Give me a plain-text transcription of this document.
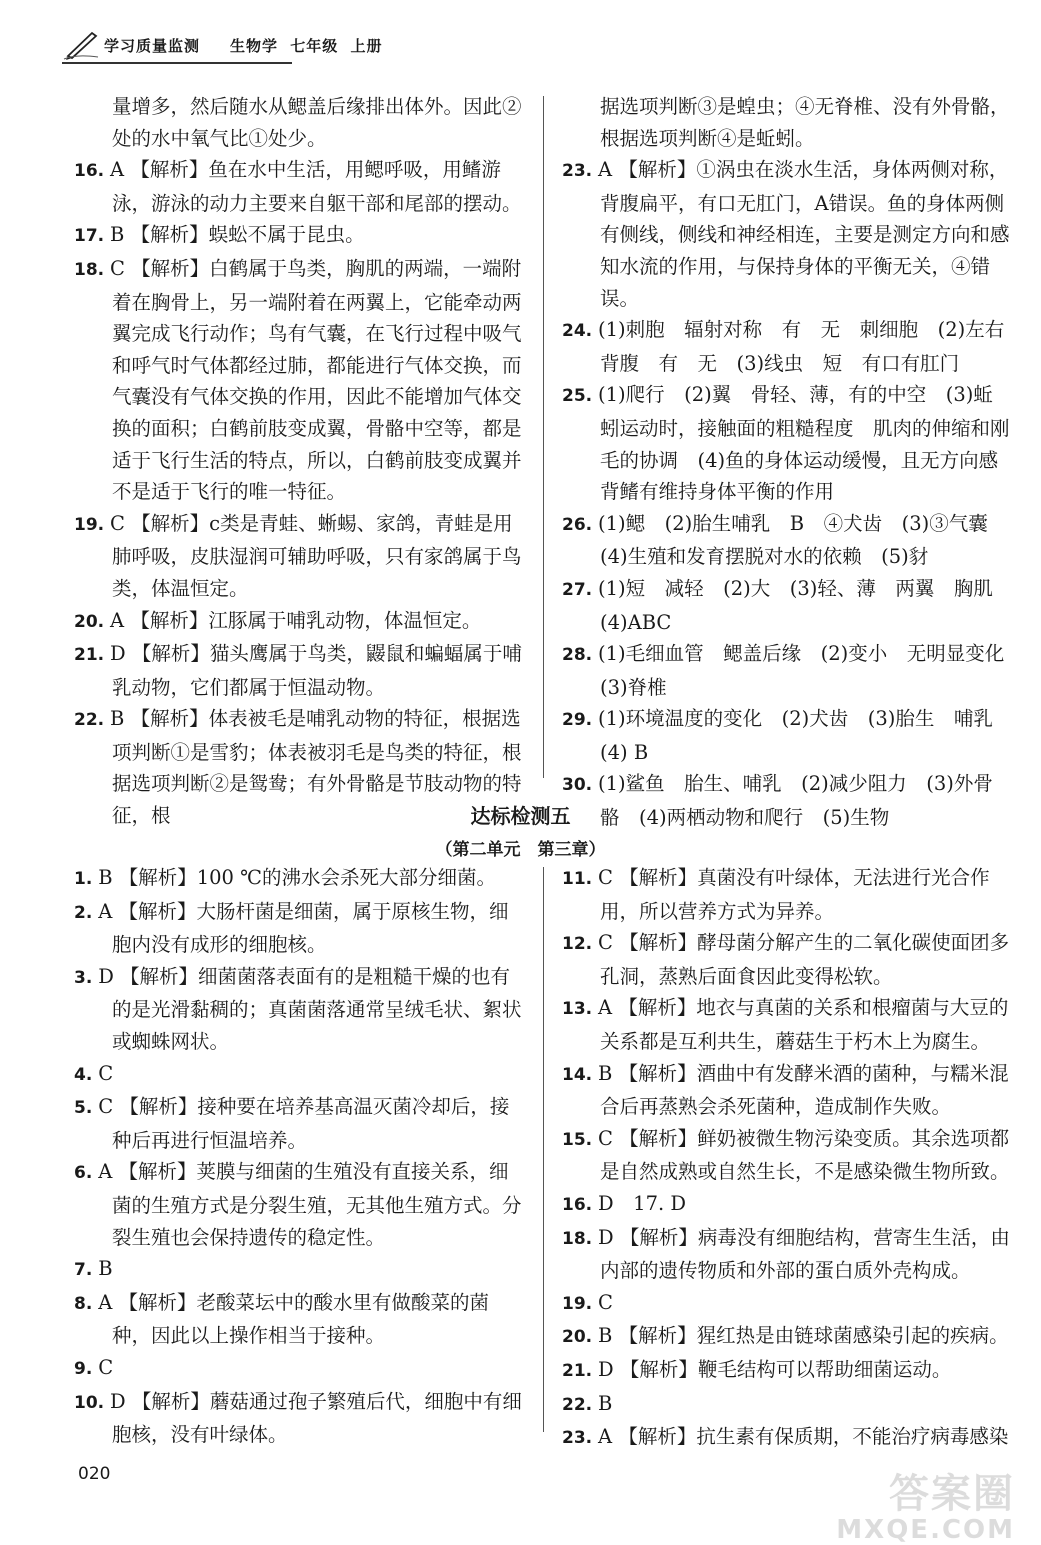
学习质量监测 生物学 七年级 上册

量增多，然后随水从鳃盖后缘排出体外。因此②处的水中氧气比①处少。

16. A 【解析】鱼在水中生活，用鳃呼吸，用鳍游泳，游泳的动力主要来自躯干部和尾部的摆动。

17. B 【解析】蜈蚣不属于昆虫。

18. C 【解析】白鹤属于鸟类，胸肌的两端，一端附着在胸骨上，另一端附着在两翼上，它能牵动两翼完成飞行动作；鸟有气囊，在飞行过程中吸气和呼气时气体都经过肺，都能进行气体交换，而气囊没有气体交换的作用，因此不能增加气体交换的面积；白鹤前肢变成翼，骨骼中空等，都是适于飞行生活的特点，所以，白鹤前肢变成翼并不是适于飞行的唯一特征。

19. C 【解析】c类是青蛙、蜥蜴、家鸽，青蛙是用肺呼吸，皮肤湿润可辅助呼吸，只有家鸽属于鸟类，体温恒定。

20. A 【解析】江豚属于哺乳动物，体温恒定。

21. D 【解析】猫头鹰属于鸟类，鼹鼠和蝙蝠属于哺乳动物，它们都属于恒温动物。

22. B 【解析】体表被毛是哺乳动物的特征，根据选项判断①是雪豹；体表被羽毛是鸟类的特征，根据选项判断②是鸳鸯；有外骨骼是节肢动物的特征，根

据选项判断③是蝗虫；④无脊椎、没有外骨骼，根据选项判断④是蚯蚓。

23. A 【解析】①涡虫在淡水生活，身体两侧对称，背腹扁平，有口无肛门，A错误。鱼的身体两侧有侧线，侧线和神经相连，主要是测定方向和感知水流的作用，与保持身体的平衡无关，④错误。

24. (1)刺胞　辐射对称　有　无　刺细胞　(2)左右　背腹　有　无　(3)线虫　短　有口有肛门

25. (1)爬行　(2)翼　骨轻、薄，有的中空　(3)蚯蚓运动时，接触面的粗糙程度　肌肉的伸缩和刚毛的协调　(4)鱼的身体运动缓慢，且无方向感　背鳍有维持身体平衡的作用

26. (1)鳃　(2)胎生哺乳　B　④犬齿　(3)③气囊　(4)生殖和发育摆脱对水的依赖　(5)豺

27. (1)短　减轻　(2)大　(3)轻、薄　两翼　胸肌　(4)ABC

28. (1)毛细血管　鳃盖后缘　(2)变小　无明显变化　(3)脊椎

29. (1)环境温度的变化　(2)犬齿　(3)胎生　哺乳　(4) B

30. (1)鲨鱼　胎生、哺乳　(2)减少阻力　(3)外骨骼　(4)两栖动物和爬行　(5)生物

达标检测五
（第二单元　第三章）

1. B 【解析】100 ℃的沸水会杀死大部分细菌。

2. A 【解析】大肠杆菌是细菌，属于原核生物，细胞内没有成形的细胞核。

3. D 【解析】细菌菌落表面有的是粗糙干燥的也有的是光滑黏稠的；真菌菌落通常呈绒毛状、絮状或蜘蛛网状。

4. C

5. C 【解析】接种要在培养基高温灭菌冷却后，接种后再进行恒温培养。

6. A 【解析】荚膜与细菌的生殖没有直接关系，细菌的生殖方式是分裂生殖，无其他生殖方式。分裂生殖也会保持遗传的稳定性。

7. B

8. A 【解析】老酸菜坛中的酸水里有做酸菜的菌种，因此以上操作相当于接种。

9. C

10. D 【解析】蘑菇通过孢子繁殖后代，细胞中有细胞核，没有叶绿体。

11. C 【解析】真菌没有叶绿体，无法进行光合作用，所以营养方式为异养。

12. C 【解析】酵母菌分解产生的二氧化碳使面团多孔洞，蒸熟后面食因此变得松软。

13. A 【解析】地衣与真菌的关系和根瘤菌与大豆的关系都是互利共生，蘑菇生于朽木上为腐生。

14. B 【解析】酒曲中有发酵米酒的菌种，与糯米混合后再蒸熟会杀死菌种，造成制作失败。

15. C 【解析】鲜奶被微生物污染变质。其余选项都是自然成熟或自然生长，不是感染微生物所致。

16. D　17. D

18. D 【解析】病毒没有细胞结构，营寄生生活，由内部的遗传物质和外部的蛋白质外壳构成。

19. C

20. B 【解析】猩红热是由链球菌感染引起的疾病。

21. D 【解析】鞭毛结构可以帮助细菌运动。

22. B

23. A 【解析】抗生素有保质期，不能治疗病毒感染

020	答案圈
MXQE.COM
